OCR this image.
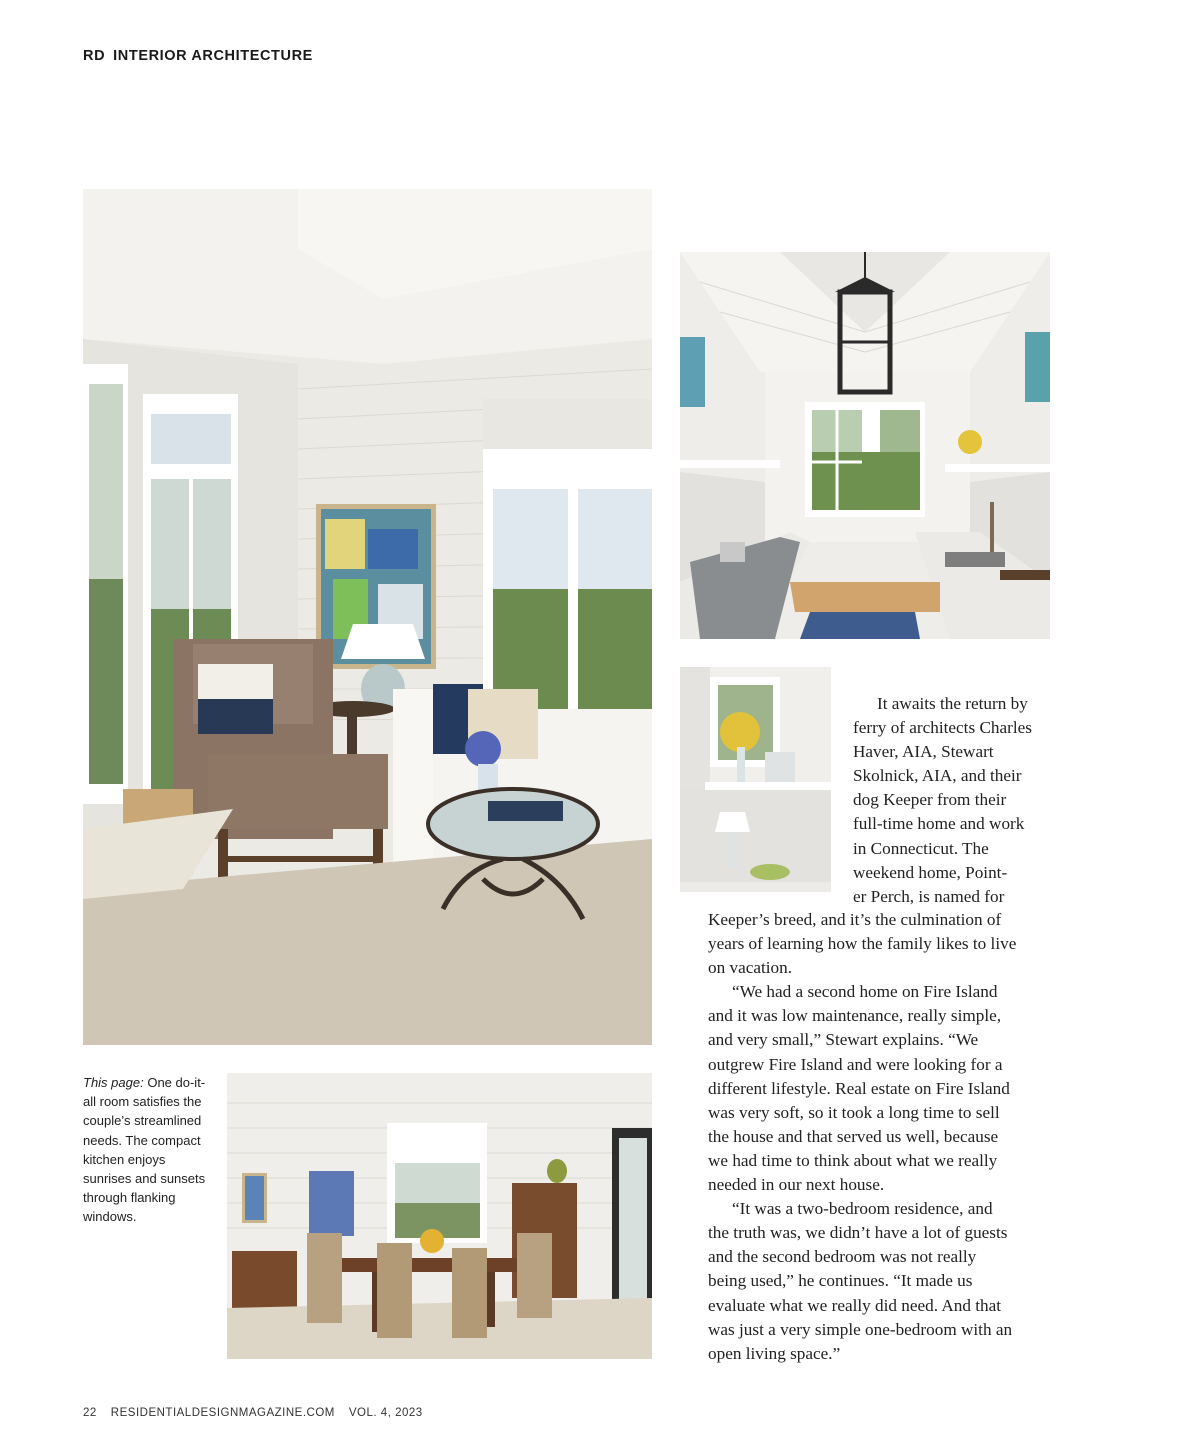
RD INTERIOR ARCHITECTURE
This page: One do-it-all room satisfies the couple’s streamlined needs. The compact kitchen enjoys sunrises and sunsets through flanking windows.

It awaits the return by

ferry of architects Charles

Haver, AIA, Stewart

Skolnick, AIA, and their

dog Keeper from their

full-time home and work

in Connecticut. The

weekend home, Point-

er Perch, is named for

Keeper’s breed, and it’s the culmination of

years of learning how the family likes to live

on vacation.

“We had a second home on Fire Island

and it was low maintenance, really simple,

and very small,” Stewart explains. “We

outgrew Fire Island and were looking for a

different lifestyle. Real estate on Fire Island

was very soft, so it took a long time to sell

the house and that served us well, because

we had time to think about what we really

needed in our next house.

“It was a two-bedroom residence, and

the truth was, we didn’t have a lot of guests

and the second bedroom was not really

being used,” he continues. “It made us

evaluate what we really did need. And that

was just a very simple one-bedroom with an

open living space.”

22 RESIDENTIALDESIGNMAGAZINE.COM VOL. 4, 2023
